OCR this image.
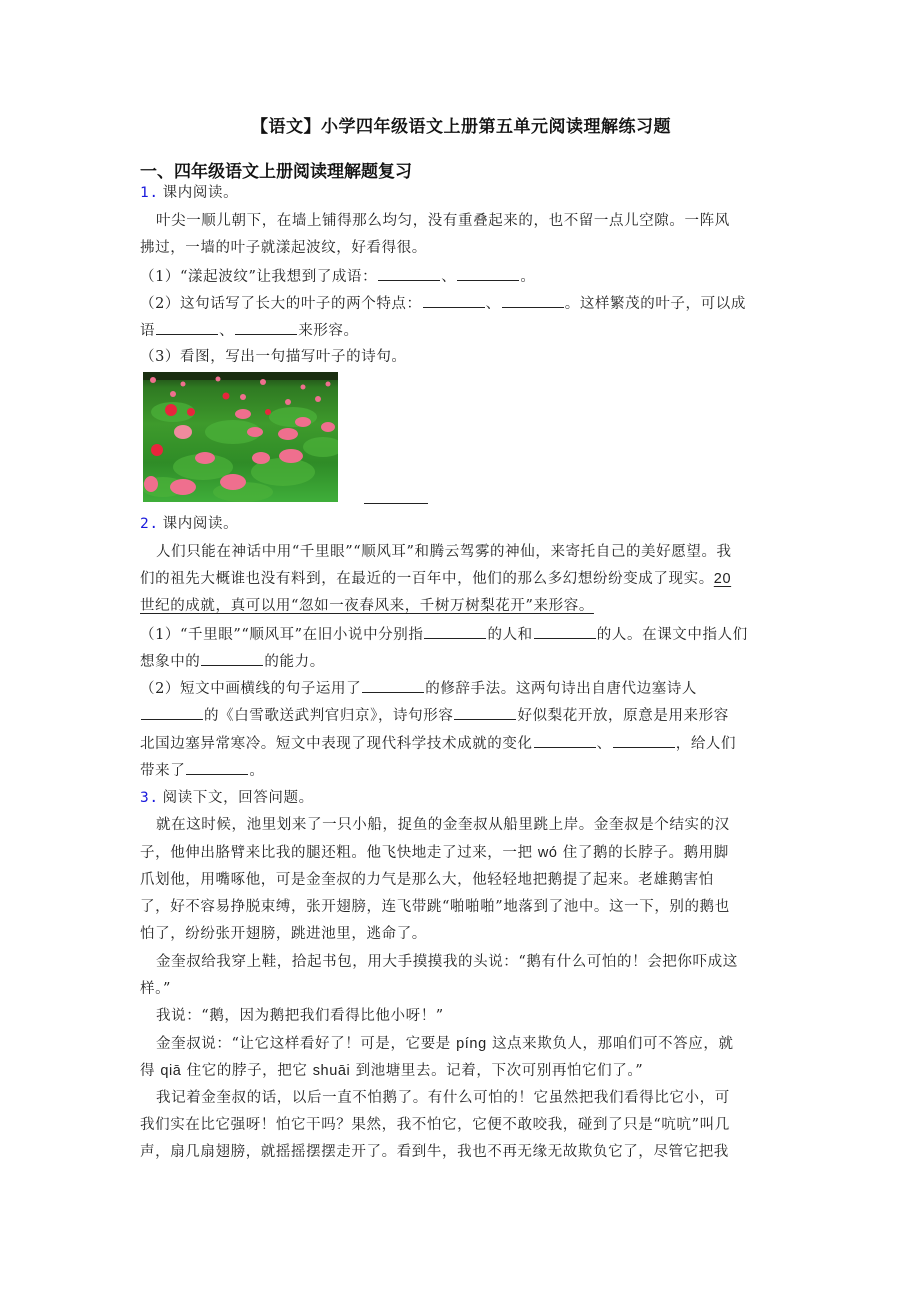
【语文】小学四年级语文上册第五单元阅读理解练习题
一、四年级语文上册阅读理解题复习
1. 课内阅读。
叶尖一顺儿朝下，在墙上铺得那么均匀，没有重叠起来的，也不留一点儿空隙。一阵风
拂过，一墙的叶子就漾起波纹，好看得很。
（1）“漾起波纹”让我想到了成语：	、	。
（2）这句话写了长大的叶子的两个特点：	、	。这样繁茂的叶子，可以成
语	、	来形容。
（3）看图，写出一句描写叶子的诗句。
2. 课内阅读。
人们只能在神话中用“千里眼”“顺风耳”和腾云驾雾的神仙，来寄托自己的美好愿望。我
们的祖先大概谁也没有料到，在最近的一百年中，他们的那么多幻想纷纷变成了现实。20
世纪的成就，真可以用“忽如一夜春风来，千树万树梨花开”来形容。
（1）“千里眼”“顺风耳”在旧小说中分别指	的人和	的人。在课文中指人们
想象中的	的能力。
（2）短文中画横线的句子运用了	的修辞手法。这两句诗出自唐代边塞诗人
的《白雪歌送武判官归京》，诗句形容	好似梨花开放，原意是用来形容
北国边塞异常寒冷。短文中表现了现代科学技术成就的变化	、	，给人们
带来了	。
3. 阅读下文，回答问题。
就在这时候，池里划来了一只小船，捉鱼的金奎叔从船里跳上岸。金奎叔是个结实的汉
子，他伸出胳臂来比我的腿还粗。他飞快地走了过来，一把 wó 住了鹅的长脖子。鹅用脚
爪划他，用嘴啄他，可是金奎叔的力气是那么大，他轻轻地把鹅提了起来。老雄鹅害怕
了，好不容易挣脱束缚，张开翅膀，连飞带跳“啪啪啪”地落到了池中。这一下，别的鹅也
怕了，纷纷张开翅膀，跳进池里，逃命了。
金奎叔给我穿上鞋，拾起书包，用大手摸摸我的头说：“鹅有什么可怕的！会把你吓成这
样。”
我说：“鹅，因为鹅把我们看得比他小呀！”
金奎叔说：“让它这样看好了！可是，它要是 píng 这点来欺负人，那咱们可不答应，就
得 qiā 住它的脖子，把它 shuāi 到池塘里去。记着，下次可别再怕它们了。”
我记着金奎叔的话，以后一直不怕鹅了。有什么可怕的！它虽然把我们看得比它小，可
我们实在比它强呀！怕它干吗？果然，我不怕它，它便不敢咬我，碰到了只是“吭吭”叫几
声，扇几扇翅膀，就摇摇摆摆走开了。看到牛，我也不再无缘无故欺负它了，尽管它把我
